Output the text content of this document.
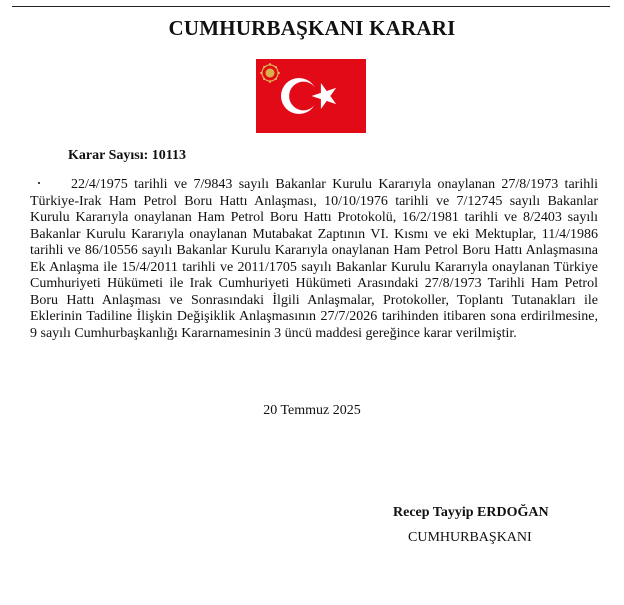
CUMHURBAŞKANI KARARI
Karar Sayısı: 10113
22/4/1975 tarihli ve 7/9843 sayılı Bakanlar Kurulu Kararıyla onaylanan 27/8/1973 tarihli Türkiye-Irak Ham Petrol Boru Hattı Anlaşması, 10/10/1976 tarihli ve 7/12745 sayılı Bakanlar Kurulu Kararıyla onaylanan Ham Petrol Boru Hattı Protokolü, 16/2/1981 tarihli ve 8/2403 sayılı Bakanlar Kurulu Kararıyla onaylanan Mutabakat Zaptının VI. Kısmı ve eki Mektuplar, 11/4/1986 tarihli ve 86/10556 sayılı Bakanlar Kurulu Kararıyla onaylanan Ham Petrol Boru Hattı Anlaşmasına Ek Anlaşma ile 15/4/2011 tarihli ve 2011/1705 sayılı Bakanlar Kurulu Kararıyla onaylanan Türkiye Cumhuriyeti Hükümeti ile Irak Cumhuriyeti Hükümeti Arasındaki 27/8/1973 Tarihli Ham Petrol Boru Hattı Anlaşması ve Sonrasındaki İlgili Anlaşmalar, Protokoller, Toplantı Tutanakları ile Eklerinin Tadiline İlişkin Değişiklik Anlaşmasının 27/7/2026 tarihinden itibaren sona erdirilmesine, 9 sayılı Cumhurbaşkanlığı Kararnamesinin 3 üncü maddesi gereğince karar verilmiştir.
20 Temmuz 2025
Recep Tayyip ERDOĞAN
CUMHURBAŞKANI
